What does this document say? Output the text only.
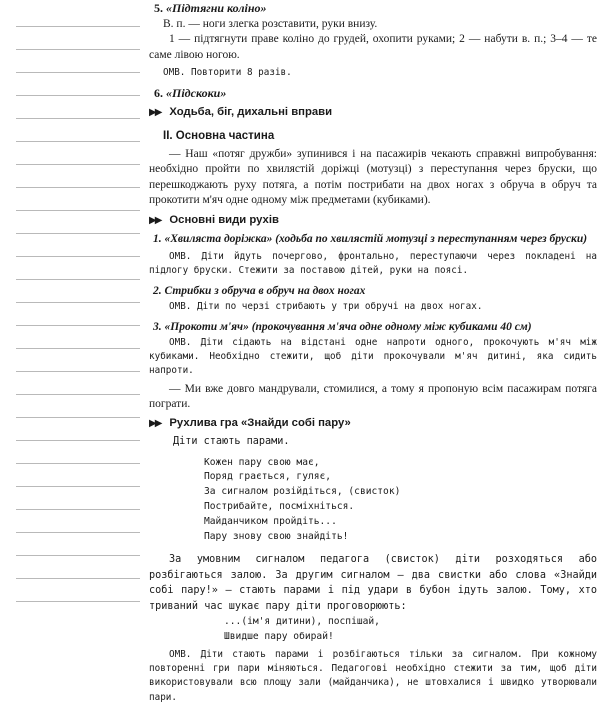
5. «Підтягни коліно»

В. п. — ноги злегка розставити, руки внизу.

1 — підтягнути праве коліно до грудей, охопити руками; 2 — набути в. п.; 3–4 — те саме лівою ногою.

ОМВ. Повторити 8 разів.

6. «Підскоки»

▶▶ Ходьба, біг, дихальні вправи

ІІ. Основна частина

— Наш «потяг дружби» зупинився і на пасажирів чекають справжні випробування: необхідно пройти по хвилястій доріжці (мотузці) з переступання через бруски, що перешкоджають руху потяга, а потім пострибати на двох ногах з обруча в обруч та прокотити м'яч одне одному між предметами (кубиками).

▶▶ Основні види рухів

1. «Хвиляста доріжка» (ходьба по хвилястій мотузці з переступанням через бруски)

ОМВ. Діти йдуть почергово, фронтально, переступаючи через покладені на підлогу бруски. Стежити за поставою дітей, руки на поясі.

2. Стрибки з обруча в обруч на двох ногах

ОМВ. Діти по черзі стрибають у три обручі на двох ногах.

3. «Прокоти м'яч» (прокочування м'яча одне одному між кубиками 40 см)

ОМВ. Діти сідають на відстані одне напроти одного, прокочують м'яч між кубиками. Необхідно стежити, щоб діти прокочували м'яч дитині, яка сидить напроти.

— Ми вже довго мандрували, стомилися, а тому я пропоную всім пасажирам потяга пограти.

▶▶ Рухлива гра «Знайди собі пару»

Діти стають парами.

Кожен пару свою має,
Поряд грається, гуляє,
За сигналом розійдіться, (свисток)
Пострибайте, посміхніться.
Майданчиком пройдіть...
Пару знову свою знайдіть!

За умовним сигналом педагога (свисток) діти розходяться або розбігаються залою. За другим сигналом — два свистки або слова «Знайди собі пару!» — стають парами і під удари в бубон ідуть залою. Тому, хто триваний час шукає пару діти проговорюють:

...(ім'я дитини), поспішай,
Швидше пару обирай!

ОМВ. Діти стають парами і розбігаються тільки за сигналом. При кожному повторенні гри пари міняються. Педагогові необхідно стежити за тим, щоб діти використовували всю площу зали (майданчика), не штовхалися і швидко утворювали пари.
